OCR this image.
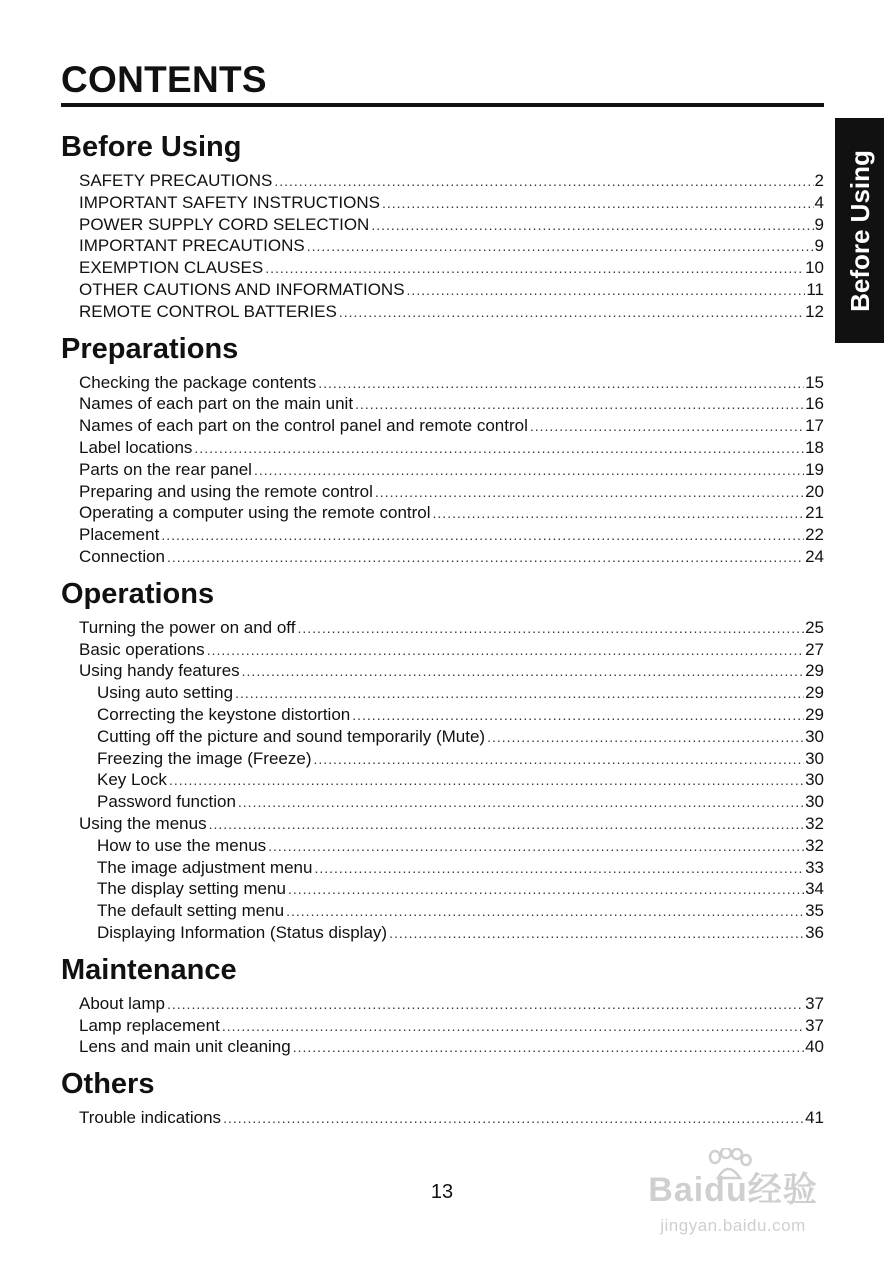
CONTENTS
Before Using
Before Using
SAFETY PRECAUTIONS .....	2
IMPORTANT SAFETY INSTRUCTIONS .....	4
POWER SUPPLY CORD SELECTION .....	9
IMPORTANT PRECAUTIONS .....	9
EXEMPTION CLAUSES .....	10
OTHER CAUTIONS AND INFORMATIONS .....	11
REMOTE CONTROL BATTERIES .....	12
Preparations
Checking the package contents .....	15
Names of each part on the main unit .....	16
Names of each part on the control panel and remote control .....	17
Label locations .....	18
Parts on the rear panel .....	19
Preparing and using the remote control .....	20
Operating a computer using the remote control .....	21
Placement .....	22
Connection .....	24
Operations
Turning the power on and off .....	25
Basic operations .....	27
Using handy features .....	29
Using auto setting .....	29
Correcting the keystone distortion .....	29
Cutting off the picture and sound temporarily (Mute) .....	30
Freezing the image (Freeze) .....	30
Key Lock .....	30
Password function .....	30
Using the menus .....	32
How to use the menus .....	32
The image adjustment menu .....	33
The display setting menu .....	34
The default setting menu .....	35
Displaying Information (Status display) .....	36
Maintenance
About lamp .....	37
Lamp replacement .....	37
Lens and main unit cleaning .....	40
Others
Trouble indications .....	41
13	Baidu经验
jingyan.baidu.com
